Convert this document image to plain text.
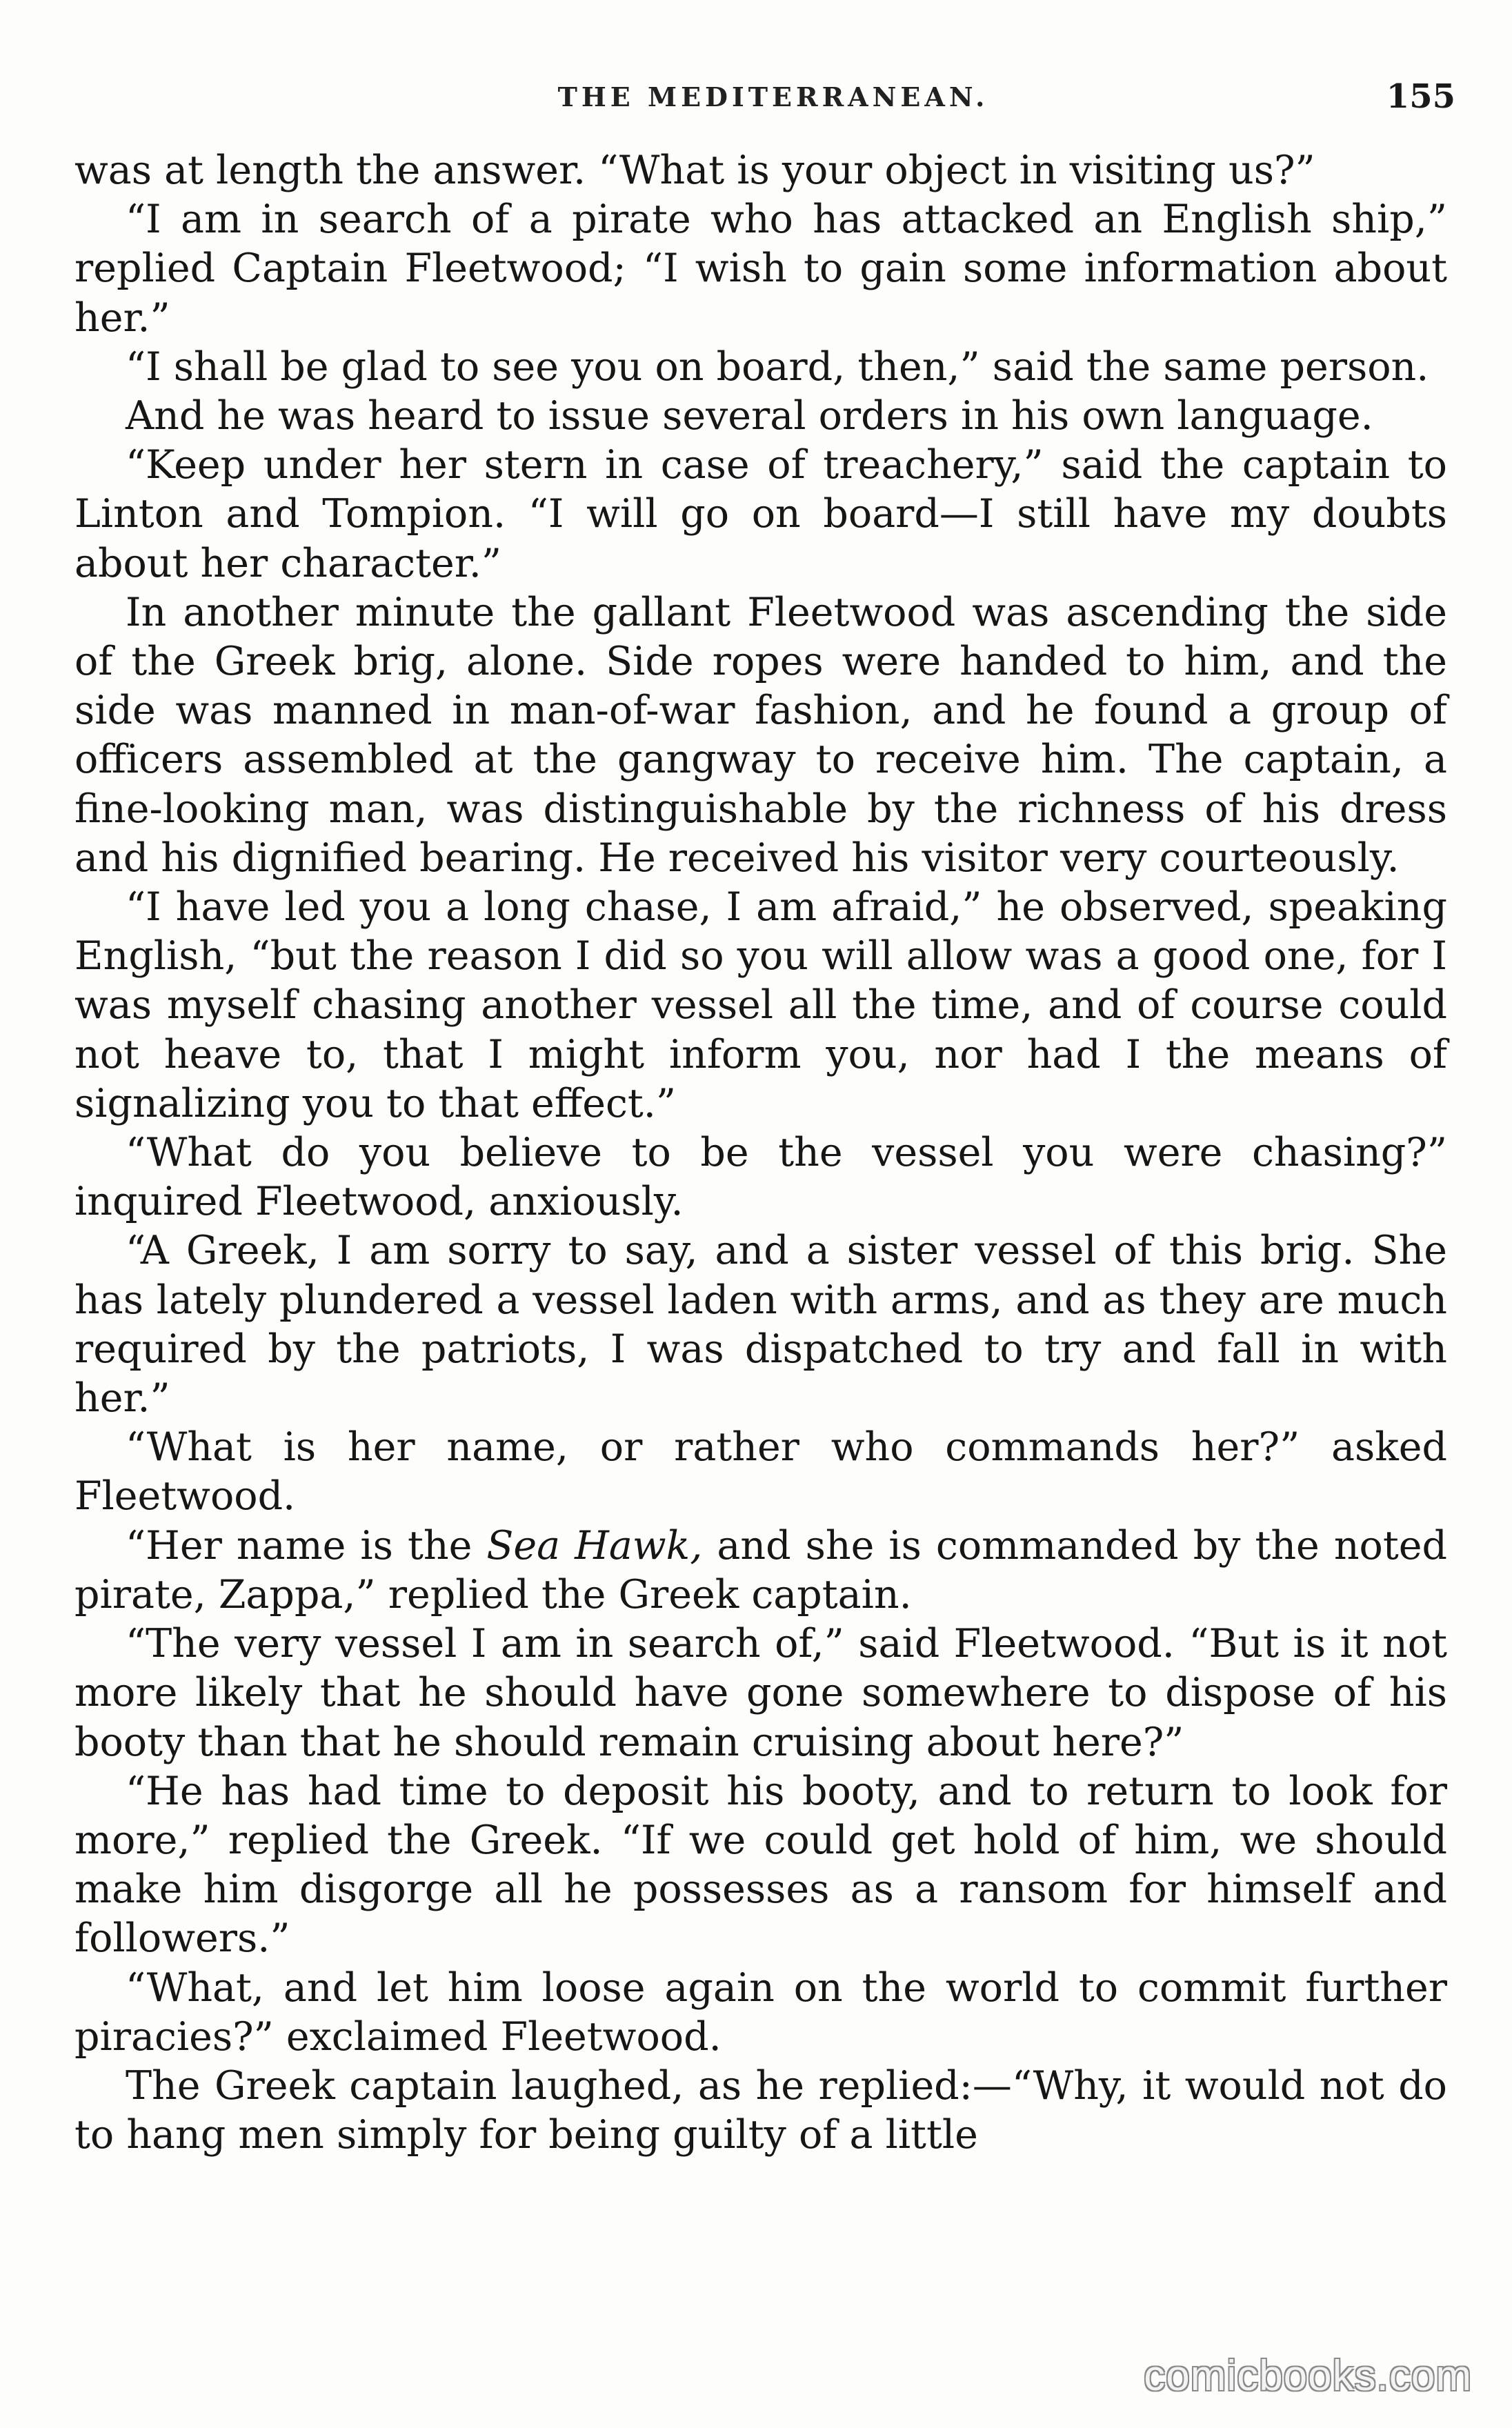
THE MEDITERRANEAN.	155

was at length the answer. “What is your object in visiting us?”

“I am in search of a pirate who has attacked an English ship,” replied Captain Fleetwood; “I wish to gain some information about her.”

“I shall be glad to see you on board, then,” said the same person.

And he was heard to issue several orders in his own language.

“Keep under her stern in case of treachery,” said the captain to Linton and Tompion. “I will go on board—I still have my doubts about her character.”

In another minute the gallant Fleetwood was ascending the side of the Greek brig, alone. Side ropes were handed to him, and the side was manned in man-of-war fashion, and he found a group of officers assembled at the gangway to receive him. The captain, a fine-looking man, was distinguishable by the richness of his dress and his dignified bearing. He received his visitor very courteously.

“I have led you a long chase, I am afraid,” he observed, speaking English, “but the reason I did so you will allow was a good one, for I was myself chasing another vessel all the time, and of course could not heave to, that I might inform you, nor had I the means of signalizing you to that effect.”

“What do you believe to be the vessel you were chasing?” inquired Fleetwood, anxiously.

“A Greek, I am sorry to say, and a sister vessel of this brig. She has lately plundered a vessel laden with arms, and as they are much required by the patriots, I was dispatched to try and fall in with her.”

“What is her name, or rather who commands her?” asked Fleetwood.

“Her name is the Sea Hawk, and she is commanded by the noted pirate, Zappa,” replied the Greek captain.

“The very vessel I am in search of,” said Fleetwood. “But is it not more likely that he should have gone somewhere to dispose of his booty than that he should remain cruising about here?”

“He has had time to deposit his booty, and to return to look for more,” replied the Greek. “If we could get hold of him, we should make him disgorge all he possesses as a ransom for himself and followers.”

“What, and let him loose again on the world to commit further piracies?” exclaimed Fleetwood.

The Greek captain laughed, as he replied:—“Why, it would not do to hang men simply for being guilty of a little

comicbooks.com
